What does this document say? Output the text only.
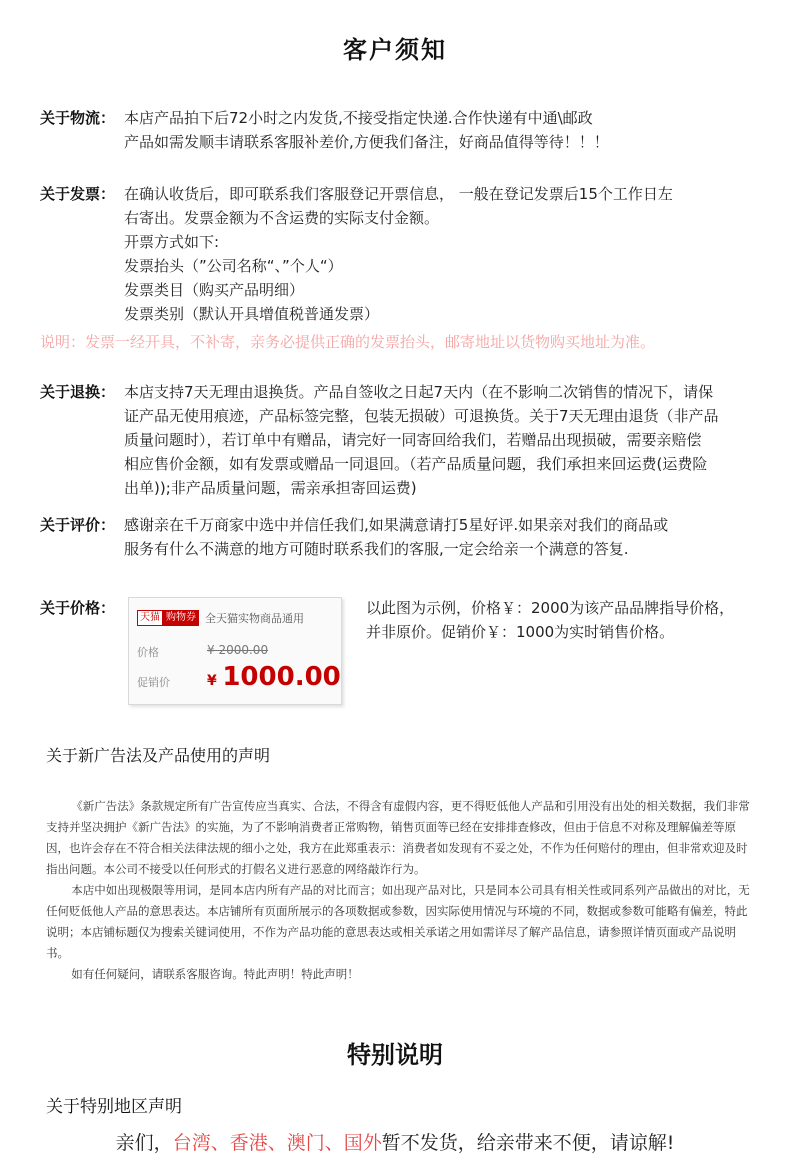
客户须知
关于物流： 本店产品拍下后72小时之内发货,不接受指定快递.合作快递有中通\邮政

产品如需发顺丰请联系客服补差价,方便我们备注，好商品值得等待！！！

关于发票： 在确认收货后，即可联系我们客服登记开票信息， 一般在登记发票后15个工作日左

右寄出。发票金额为不含运费的实际支付金额。

开票方式如下:

发票抬头（”公司名称“、”个人“）

发票类目（购买产品明细）

发票类别（默认开具增值税普通发票）

说明：发票一经开具，不补寄，亲务必提供正确的发票抬头，邮寄地址以货物购买地址为准。
关于退换： 本店支持7天无理由退换货。产品自签收之日起7天内（在不影响二次销售的情况下，请保

证产品无使用痕迹，产品标签完整，包装无损破）可退换货。关于7天无理由退货（非产品

质量问题时），若订单中有赠品，请完好一同寄回给我们，若赠品出现损破，需要亲赔偿

相应售价金额，如有发票或赠品一同退回。（若产品质量问题，我们承担来回运费(运费险

出单));非产品质量问题，需亲承担寄回运费)

关于评价： 感谢亲在千万商家中选中并信任我们,如果满意请打5星好评.如果亲对我们的商品或

服务有什么不满意的地方可随时联系我们的客服,一定会给亲一个满意的答复.

关于价格：
天猫 购物券 全天猫实物商品通用
价格	¥ 2000.00
促销价	¥ 1000.00
以此图为示例，价格￥：2000为该产品品牌指导价格，
并非原价。促销价￥：1000为实时销售价格。
关于新广告法及产品使用的声明

《新广告法》条款规定所有广告宣传应当真实、合法，不得含有虚假内容，更不得贬低他人产品和引用没有出处的相关数据，我们非常支持并坚决拥护《新广告法》的实施，为了不影响消费者正常购物，销售页面等已经在安排排查修改，但由于信息不对称及理解偏差等原因，也许会存在不符合相关法律法规的细小之处，我方在此郑重表示：消费者如发现有不妥之处，不作为任何赔付的理由，但非常欢迎及时指出问题。本公司不接受以任何形式的打假名义进行恶意的网络敲诈行为。

本店中如出现极限等用词，是同本店内所有产品的对比而言；如出现产品对比，只是同本公司具有相关性或同系列产品做出的对比，无任何贬低他人产品的意思表达。本店铺所有页面所展示的各项数据或参数，因实际使用情况与环境的不同，数据或参数可能略有偏差，特此说明；本店铺标题仅为搜索关键词使用，不作为产品功能的意思表达或相关承诺之用如需详尽了解产品信息，请参照详情页面或产品说明书。

如有任何疑问，请联系客服咨询。特此声明！特此声明！

特别说明
关于特别地区声明
亲们，台湾、香港、澳门、国外暂不发货，给亲带来不便，请谅解!
